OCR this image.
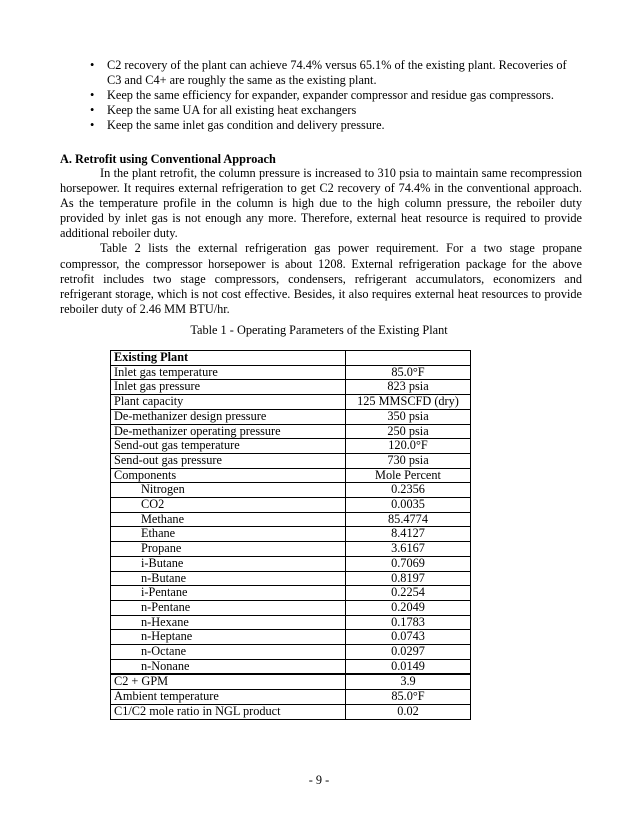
• C2 recovery of the plant can achieve 74.4% versus 65.1% of the existing plant. Recoveries of C3 and C4+ are roughly the same as the existing plant.
• Keep the same efficiency for expander, expander compressor and residue gas compressors.
• Keep the same UA for all existing heat exchangers
• Keep the same inlet gas condition and delivery pressure.
A. Retrofit using Conventional Approach

In the plant retrofit, the column pressure is increased to 310 psia to maintain same recompression horsepower. It requires external refrigeration to get C2 recovery of 74.4% in the conventional approach. As the temperature profile in the column is high due to the high column pressure, the reboiler duty provided by inlet gas is not enough any more. Therefore, external heat resource is required to provide additional reboiler duty.

Table 2 lists the external refrigeration gas power requirement. For a two stage propane compressor, the compressor horsepower is about 1208. External refrigeration package for the above retrofit includes two stage compressors, condensers, refrigerant accumulators, economizers and refrigerant storage, which is not cost effective. Besides, it also requires external heat resources to provide reboiler duty of 2.46 MM BTU/hr.

Table 1 - Operating Parameters of the Existing Plant
Existing Plant	
Inlet gas temperature	85.0°F
Inlet gas pressure	823 psia
Plant capacity	125 MMSCFD (dry)
De-methanizer design pressure	350 psia
De-methanizer operating pressure	250 psia
Send-out gas temperature	120.0°F
Send-out gas pressure	730 psia
Components	Mole Percent
Nitrogen	0.2356
CO2	0.0035
Methane	85.4774
Ethane	8.4127
Propane	3.6167
i-Butane	0.7069
n-Butane	0.8197
i-Pentane	0.2254
n-Pentane	0.2049
n-Hexane	0.1783
n-Heptane	0.0743
n-Octane	0.0297
n-Nonane	0.0149
C2 + GPM	3.9
Ambient temperature	85.0°F
C1/C2 mole ratio in NGL product	0.02
- 9 -
